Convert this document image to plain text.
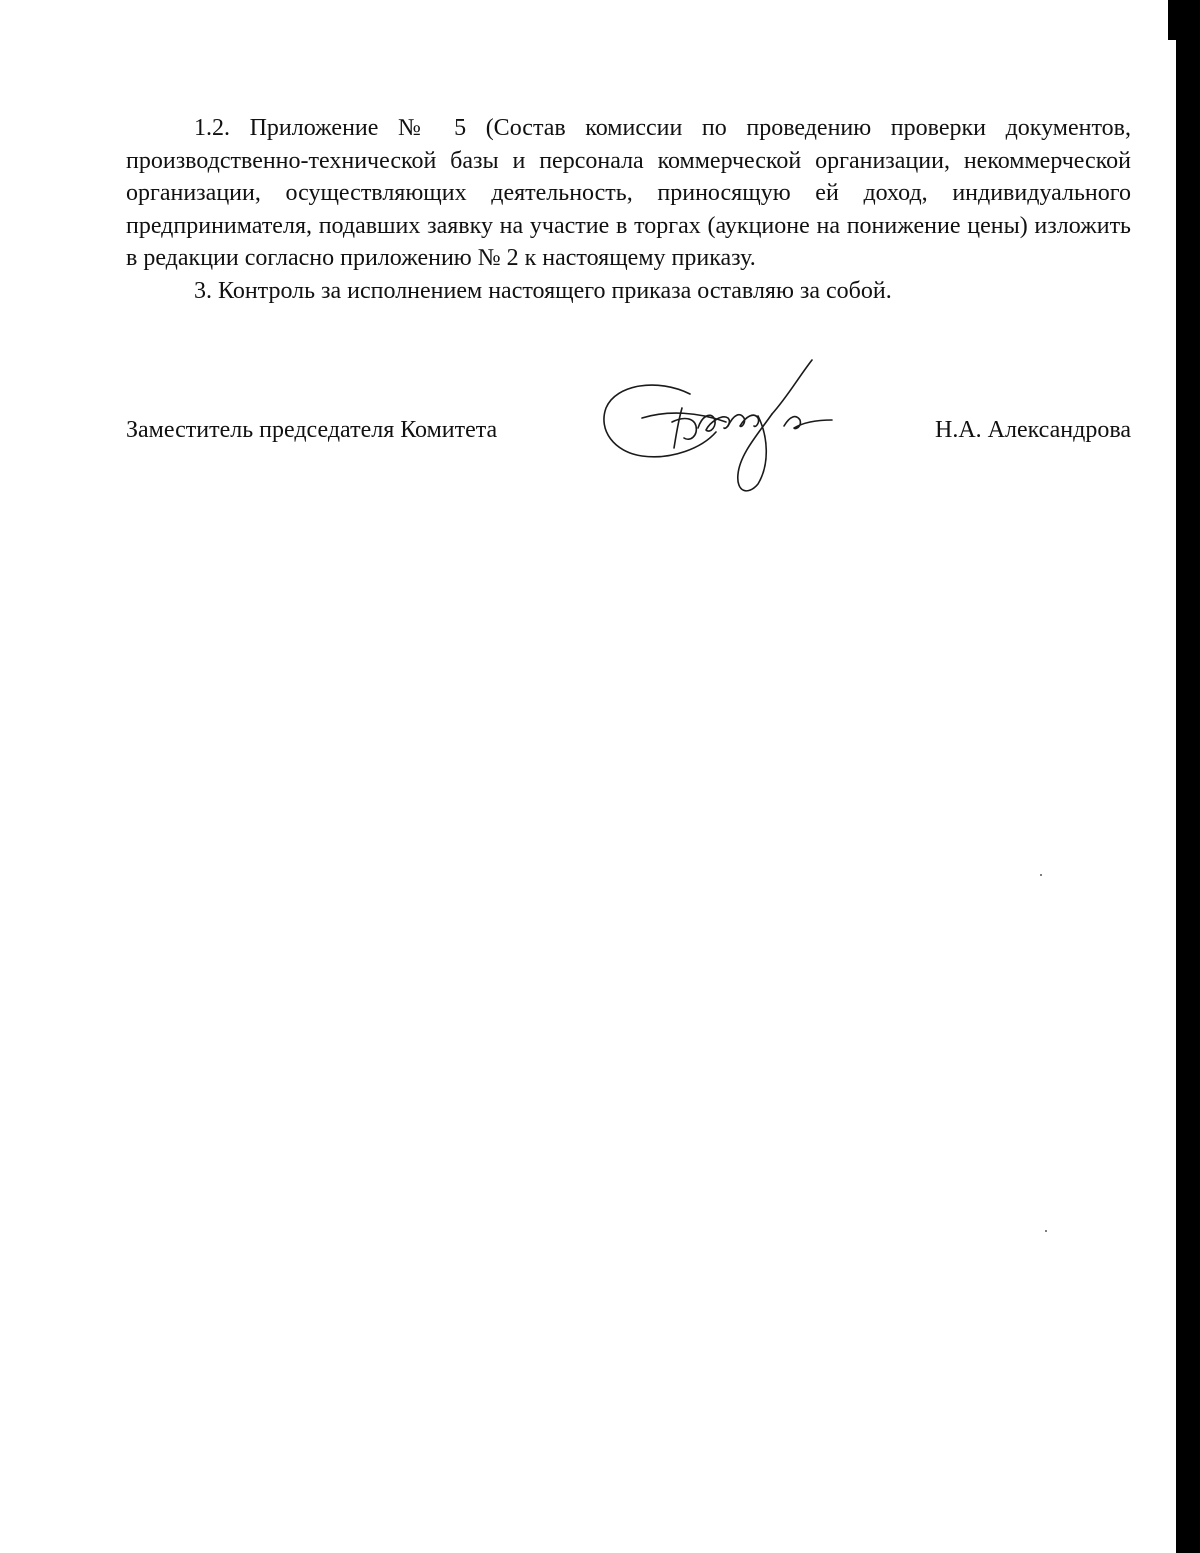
1.2. Приложение № 5 (Состав комиссии по проведению проверки документов, производственно-технической базы и персонала коммерческой организации, некоммерческой организации, осуществляющих деятельность, приносящую ей доход, индивидуального предпринимателя, подавших заявку на участие в торгах (аукционе на понижение цены) изложить в редакции согласно приложению № 2 к настоящему приказу.

3. Контроль за исполнением настоящего приказа оставляю за собой.

Заместитель председателя Комитета	Н.А. Александрова
